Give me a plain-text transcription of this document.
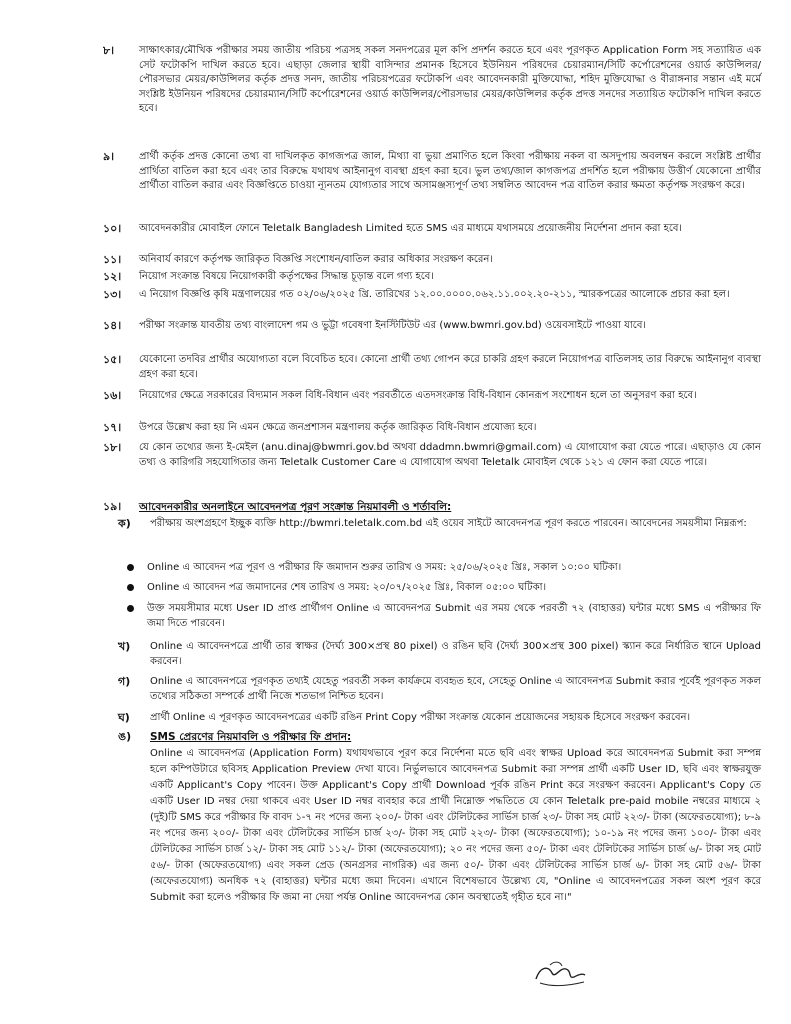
৮। সাক্ষাৎকার/মৌখিক পরীক্ষার সময় জাতীয় পরিচয় পত্রসহ সকল সনদপত্রের মূল কপি প্রদর্শন করতে হবে এবং পূরণকৃত Application Form সহ সত্যায়িত এক সেট ফটোকপি দাখিল করতে হবে। এছাড়া জেলার স্থায়ী বাসিন্দার প্রমানক হিসেবে ইউনিয়ন পরিষদের চেয়ারম্যান/সিটি কর্পোরেশনের ওয়ার্ড কাউন্সিলর/পৌরসভার মেয়র/কাউন্সিলর কর্তৃক প্রদত্ত সনদ, জাতীয় পরিচয়পত্রের ফটোকপি এবং আবেদনকারী মুক্তিযোদ্ধা, শহিদ মুক্তিযোদ্ধা ও বীরাঙ্গনার সন্তান এই মর্মে সংশ্লিষ্ট ইউনিয়ন পরিষদের চেয়ারম্যান/সিটি কর্পোরেশনের ওয়ার্ড কাউন্সিলর/পৌরসভার মেয়র/কাউন্সিলর কর্তৃক প্রদত্ত সনদের সত্যায়িত ফটোকপি দাখিল করতে হবে।

৯। প্রার্থী কর্তৃক প্রদত্ত কোনো তথ্য বা দাখিলকৃত কাগজপত্র জাল, মিথ্যা বা ভুয়া প্রমাণিত হলে কিংবা পরীক্ষায় নকল বা অসদুপায় অবলম্বন করলে সংশ্লিষ্ট প্রার্থীর প্রার্থিতা বাতিল করা হবে এবং তার বিরুদ্ধে যথাযথ আইনানুগ ব্যবস্থা গ্রহণ করা হবে। ভুল তথ্য/জাল কাগজপত্র প্রদর্শিত হলে পরীক্ষায় উত্তীর্ণ যেকোনো প্রার্থীর প্রার্থীতা বাতিল করার এবং বিজ্ঞপ্তিতে চাওয়া ন্যূনতম যোগ্যতার সাথে অসামঞ্জস্যপূর্ণ তথ্য সম্বলিত আবেদন পত্র বাতিল করার ক্ষমতা কর্তৃপক্ষ সংরক্ষণ করে।

১০। আবেদনকারীর মোবাইল ফোনে Teletalk Bangladesh Limited হতে SMS এর মাধ্যমে যথাসময়ে প্রয়োজনীয় নির্দেশনা প্রদান করা হবে।

১১। অনিবার্য কারণে কর্তৃপক্ষ জারিকৃত বিজ্ঞপ্তি সংশোধন/বাতিল করার অধিকার সংরক্ষণ করেন।

১২। নিয়োগ সংক্রান্ত বিষয়ে নিয়োগকারী কর্তৃপক্ষের সিদ্ধান্ত চূড়ান্ত বলে গণ্য হবে।

১৩। এ নিয়োগ বিজ্ঞপ্তি কৃষি মন্ত্রণালয়ের গত ০২/০৬/২০২৫ খ্রি. তারিখের ১২.০০.০০০০.০৬২.১১.০০২.২০-২১১, স্মারকপত্রের আলোকে প্রচার করা হল।

১৪। পরীক্ষা সংক্রান্ত যাবতীয় তথ্য বাংলাদেশ গম ও ভুট্টা গবেষণা ইনস্টিটিউট এর (www.bwmri.gov.bd) ওয়েবসাইটে পাওয়া যাবে।

১৫। যেকোনো তদবির প্রার্থীর অযোগ্যতা বলে বিবেচিত হবে। কোনো প্রার্থী তথ্য গোপন করে চাকরি গ্রহণ করলে নিয়োগপত্র বাতিলসহ তার বিরুদ্ধে আইনানুগ ব্যবস্থা গ্রহণ করা হবে।

১৬। নিয়োগের ক্ষেত্রে সরকারের বিদ্যমান সকল বিধি-বিধান এবং পরবর্তীতে এতদসংক্রান্ত বিধি-বিধান কোনরূপ সংশোধন হলে তা অনুসরণ করা হবে।

১৭। উপরে উল্লেখ করা হয় নি এমন ক্ষেত্রে জনপ্রশাসন মন্ত্রণালয় কর্তৃক জারিকৃত বিধি-বিধান প্রযোজ্য হবে।

১৮। যে কোন তথ্যের জন্য ই-মেইল (anu.dinaj@bwmri.gov.bd অথবা ddadmn.bwmri@gmail.com) এ যোগাযোগ করা যেতে পারে। এছাড়াও যে কোন তথ্য ও কারিগরি সহযোগিতার জন্য Teletalk Customer Care এ যোগাযোগ অথবা Teletalk মোবাইল থেকে ১২১ এ ফোন করা যেতে পারে।

১৯। আবেদনকারীর অনলাইনে আবেদনপত্র পূরণ সংক্রান্ত নিয়মাবলী ও শর্তাবলি:
ক) পরীক্ষায় অংশগ্রহণে ইচ্ছুক ব্যক্তি http://bwmri.teletalk.com.bd এই ওয়েব সাইটে আবেদনপত্র পূরণ করতে পারবেন। আবেদনের সময়সীমা নিম্নরূপ:

Online এ আবেদন পত্র পূরণ ও পরীক্ষার ফি জমাদান শুরুর তারিখ ও সময়: ২৫/০৬/২০২৫ খ্রিঃ, সকাল ১০:০০ ঘটিকা।

Online এ আবেদন পত্র জমাদানের শেষ তারিখ ও সময়: ২০/০৭/২০২৫ খ্রিঃ, বিকাল ০৫:০০ ঘটিকা।

উক্ত সময়সীমার মধ্যে User ID প্রাপ্ত প্রার্থীগণ Online এ আবেদনপত্র Submit এর সময় থেকে পরবর্তী ৭২ (বাহাত্তর) ঘন্টার মধ্যে SMS এ পরীক্ষার ফি জমা দিতে পারবেন।

খ) Online এ আবেদনপত্রে প্রার্থী তার স্বাক্ষর (দৈর্ঘ্য 300×প্রস্থ 80 pixel) ও রঙিন ছবি (দৈর্ঘ্য 300×প্রস্থ 300 pixel) স্ক্যান করে নির্ধারিত স্থানে Upload করবেন।

গ) Online এ আবেদনপত্রে পূরণকৃত তথ্যই যেহেতু পরবর্তী সকল কার্যক্রমে ব্যবহৃত হবে, সেহেতু Online এ আবেদনপত্র Submit করার পূর্বেই পূরণকৃত সকল তথ্যের সঠিকতা সম্পর্কে প্রার্থী নিজে শতভাগ নিশ্চিত হবেন।

ঘ) প্রার্থী Online এ পূরণকৃত আবেদনপত্রের একটি রঙিন Print Copy পরীক্ষা সংক্রান্ত যেকোন প্রয়োজনের সহায়ক হিসেবে সংরক্ষণ করবেন।

ঙ) SMS প্রেরণের নিয়মাবলি ও পরীক্ষার ফি প্রদান:

Online এ আবেদনপত্র (Application Form) যথাযথভাবে পূরণ করে নির্দেশনা মতে ছবি এবং স্বাক্ষর Upload করে আবেদনপত্র Submit করা সম্পন্ন হলে কম্পিউটারে ছবিসহ Application Preview দেখা যাবে। নির্ভুলভাবে আবেদনপত্র Submit করা সম্পন্ন প্রার্থী একটি User ID, ছবি এবং স্বাক্ষরযুক্ত একটি Applicant's Copy পাবেন। উক্ত Applicant's Copy প্রার্থী Download পূর্বক রঙিন Print করে সংরক্ষণ করবেন। Applicant's Copy তে একটি User ID নম্বর দেয়া থাকবে এবং User ID নম্বর ব্যবহার করে প্রার্থী নিম্নোক্ত পদ্ধতিতে যে কোন Teletalk pre-paid mobile নম্বরের মাধ্যমে ২ (দুই)টি SMS করে পরীক্ষার ফি বাবদ ১-৭ নং পদের জন্য ২০০/- টাকা এবং টেলিটকের সার্ভিস চার্জ ২৩/- টাকা সহ মোট ২২৩/- টাকা (অফেরতযোগ্য); ৮-৯ নং পদের জন্য ২০০/- টাকা এবং টেলিটকের সার্ভিস চার্জ ২৩/- টাকা সহ মোট ২২৩/- টাকা (অফেরতযোগ্য); ১০-১৯ নং পদের জন্য ১০০/- টাকা এবং টেলিটকের সার্ভিস চার্জ ১২/- টাকা সহ মোট ১১২/- টাকা (অফেরতযোগ্য); ২০ নং পদের জন্য ৫০/- টাকা এবং টেলিটকের সার্ভিস চার্জ ৬/- টাকা সহ মোট ৫৬/- টাকা (অফেরতযোগ্য) এবং সকল প্রেড (অনগ্রসর নাগরিক) এর জন্য ৫০/- টাকা এবং টেলিটকের সার্ভিস চার্জ ৬/- টাকা সহ মোট ৫৬/- টাকা (অফেরতযোগ্য) অনধিক ৭২ (বাহাত্তর) ঘন্টার মধ্যে জমা দিবেন। এখানে বিশেষভাবে উল্লেখ্য যে, "Online এ আবেদনপত্রের সকল অংশ পূরণ করে Submit করা হলেও পরীক্ষার ফি জমা না দেয়া পর্যন্ত Online আবেদনপত্র কোন অবস্থাতেই গৃহীত হবে না।"
